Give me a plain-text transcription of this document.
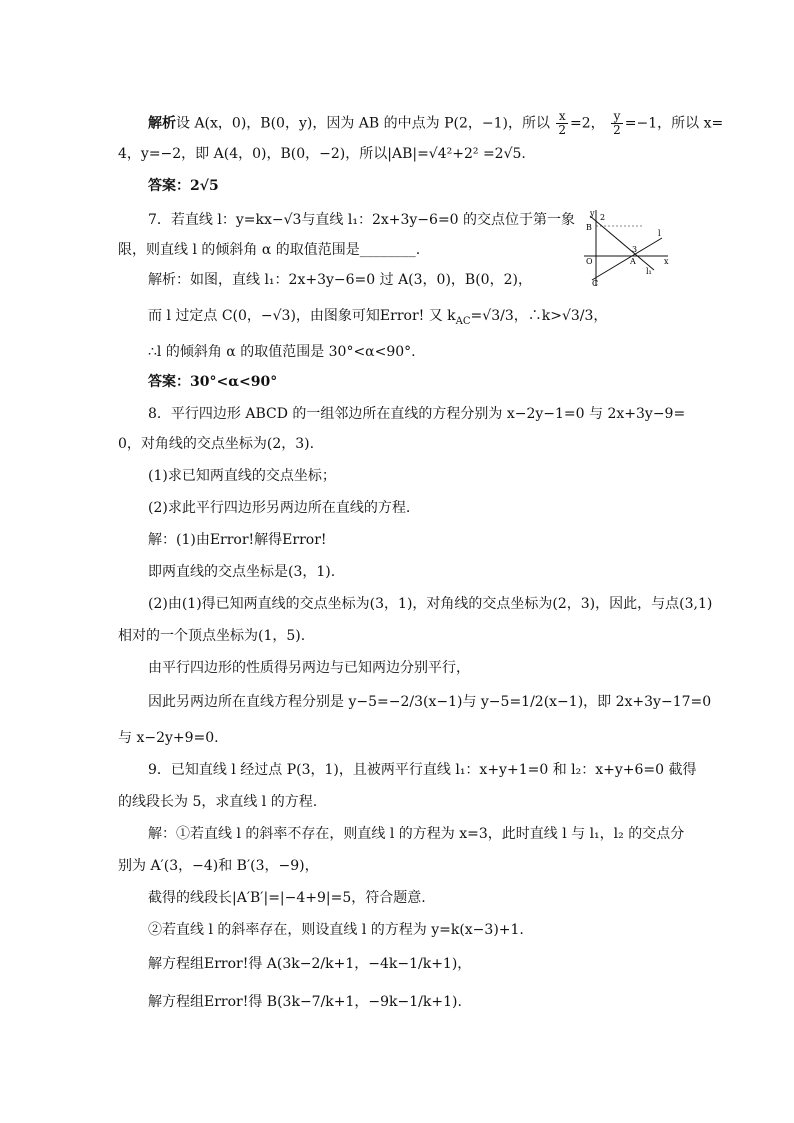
解析设 A(x，0)，B(0，y)，因为 AB 的中点为 P(2，−1)，所以 $\frac{x}{2} =2$， $\frac{y}{2} =-1$，所以 x=
4，y=−2，即 A(4，0)，B(0，−2)，所以|AB|=√4²+2² =2√5.
答案：2√5
7．若直线 l：y=kx−√3与直线 l₁：2x+3y−6=0 的交点位于第一象
限，则直线 l 的倾斜角 α 的取值范围是________.
解析：如图，直线 l₁：2x+3y−6=0 过 A(3，0)，B(0，2)，
而 l 过定点 C(0，−√3)，由图象可知Error! 又 $k_{AC}=√3/3$，∴k>√3/3，
∴l 的倾斜角 α 的取值范围是 30°<α<90°.
答案：30°<α<90°
8．平行四边形 ABCD 的一组邻边所在直线的方程分别为 x−2y−1=0 与 2x+3y−9=
0，对角线的交点坐标为(2，3).
(1)求已知两直线的交点坐标；
(2)求此平行四边形另两边所在直线的方程.
解：(1)由Error!解得Error!
即两直线的交点坐标是(3，1).
(2)由(1)得已知两直线的交点坐标为(3，1)，对角线的交点坐标为(2，3)，因此，与点(3,1)
相对的一个顶点坐标为(1，5).
由平行四边形的性质得另两边与已知两边分别平行，
因此另两边所在直线方程分别是 y−5=−2/3(x−1)与 y−5=1/2(x−1)，即 2x+3y−17=0
与 x−2y+9=0.
9．已知直线 l 经过点 P(3，1)，且被两平行直线 l₁：x+y+1=0 和 l₂：x+y+6=0 截得
的线段长为 5，求直线 l 的方程.
解：①若直线 l 的斜率不存在，则直线 l 的方程为 x=3，此时直线 l 与 l₁，l₂ 的交点分
别为 A′(3，−4)和 B′(3，−9)，
截得的线段长|A′B′|=|−4+9|=5，符合题意.
②若直线 l 的斜率存在，则设直线 l 的方程为 y=k(x−3)+1.
解方程组Error!得 A(3k−2/k+1，−4k−1/k+1)，
解方程组Error!得 B(3k−7/k+1，−9k−1/k+1).
y
x
O
B
2
3
A
C
l
l₁
